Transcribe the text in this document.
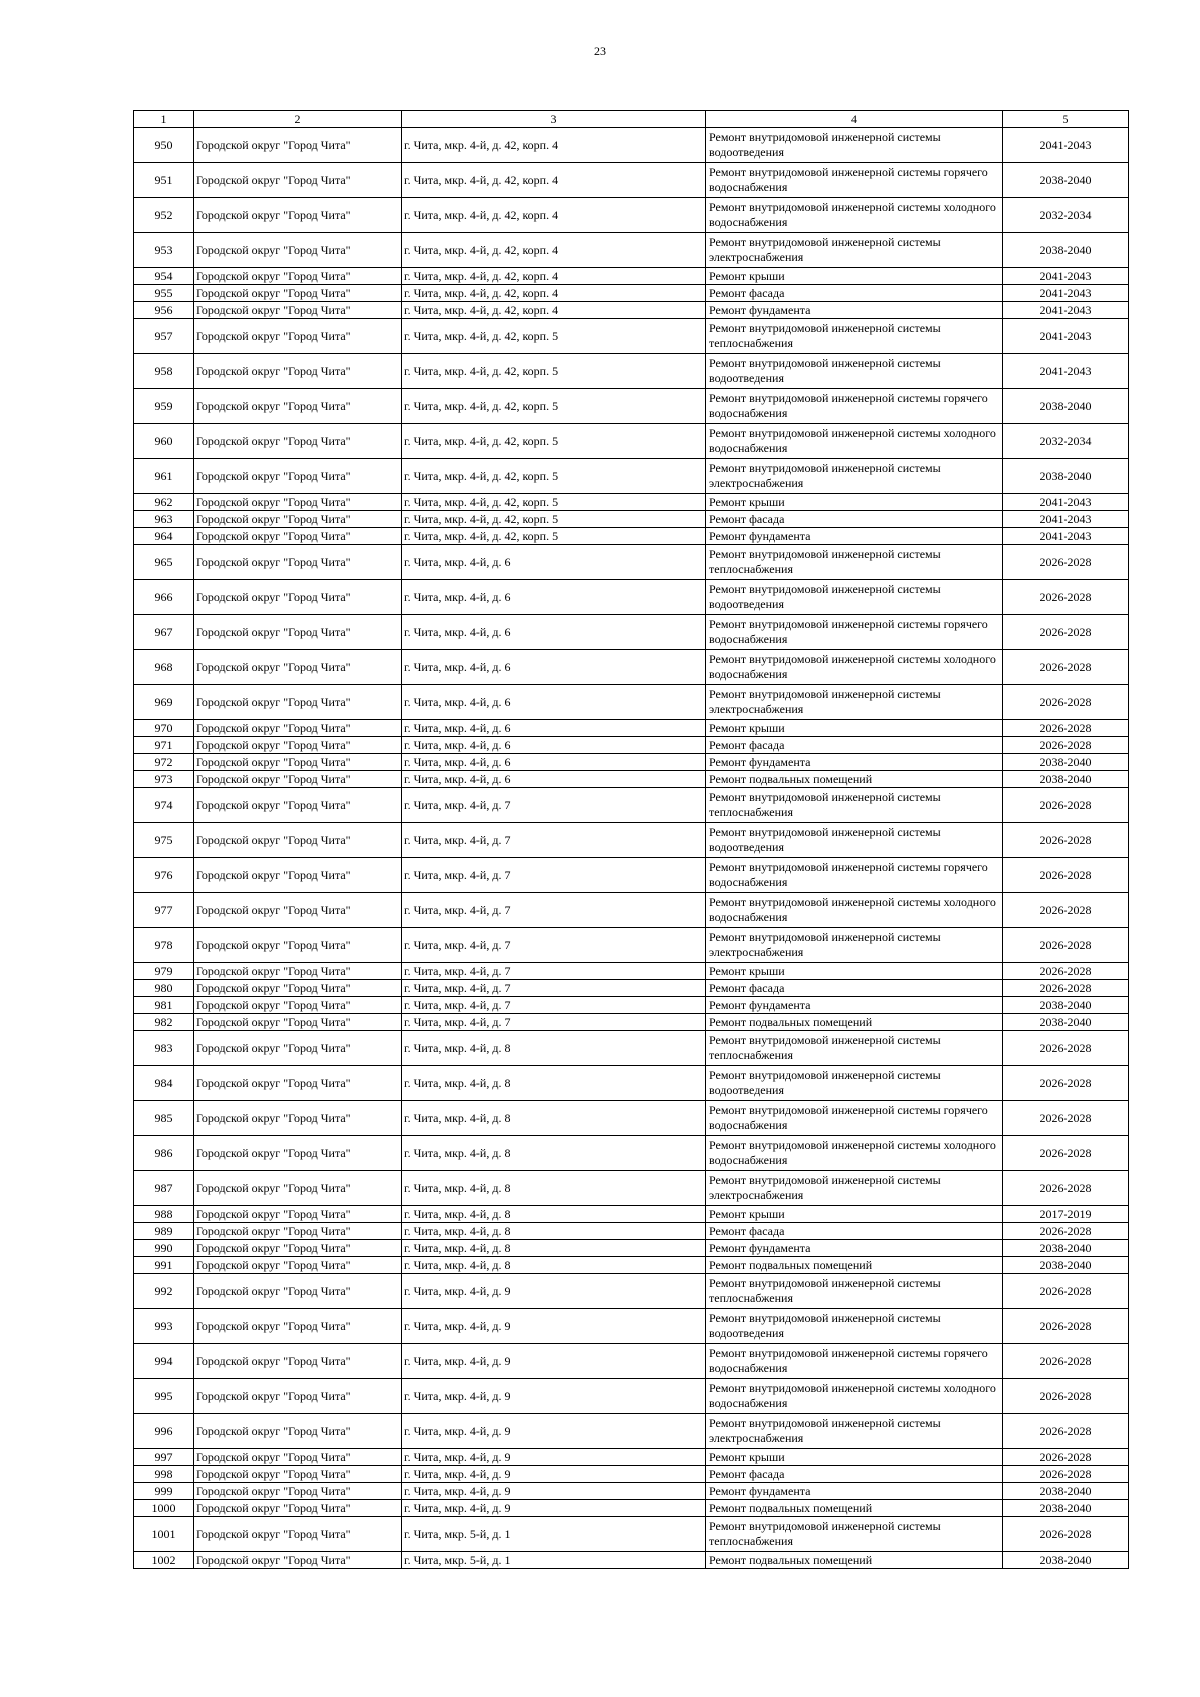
23
1	2	3	4	5
950	Городской округ "Город Чита"	г. Чита, мкр. 4-й, д. 42, корп. 4	Ремонт внутридомовой инженерной системы водоотведения	2041-2043
951	Городской округ "Город Чита"	г. Чита, мкр. 4-й, д. 42, корп. 4	Ремонт внутридомовой инженерной системы горячего водоснабжения	2038-2040
952	Городской округ "Город Чита"	г. Чита, мкр. 4-й, д. 42, корп. 4	Ремонт внутридомовой инженерной системы холодного водоснабжения	2032-2034
953	Городской округ "Город Чита"	г. Чита, мкр. 4-й, д. 42, корп. 4	Ремонт внутридомовой инженерной системы электроснабжения	2038-2040
954	Городской округ "Город Чита"	г. Чита, мкр. 4-й, д. 42, корп. 4	Ремонт крыши	2041-2043
955	Городской округ "Город Чита"	г. Чита, мкр. 4-й, д. 42, корп. 4	Ремонт фасада	2041-2043
956	Городской округ "Город Чита"	г. Чита, мкр. 4-й, д. 42, корп. 4	Ремонт фундамента	2041-2043
957	Городской округ "Город Чита"	г. Чита, мкр. 4-й, д. 42, корп. 5	Ремонт внутридомовой инженерной системы теплоснабжения	2041-2043
958	Городской округ "Город Чита"	г. Чита, мкр. 4-й, д. 42, корп. 5	Ремонт внутридомовой инженерной системы водоотведения	2041-2043
959	Городской округ "Город Чита"	г. Чита, мкр. 4-й, д. 42, корп. 5	Ремонт внутридомовой инженерной системы горячего водоснабжения	2038-2040
960	Городской округ "Город Чита"	г. Чита, мкр. 4-й, д. 42, корп. 5	Ремонт внутридомовой инженерной системы холодного водоснабжения	2032-2034
961	Городской округ "Город Чита"	г. Чита, мкр. 4-й, д. 42, корп. 5	Ремонт внутридомовой инженерной системы электроснабжения	2038-2040
962	Городской округ "Город Чита"	г. Чита, мкр. 4-й, д. 42, корп. 5	Ремонт крыши	2041-2043
963	Городской округ "Город Чита"	г. Чита, мкр. 4-й, д. 42, корп. 5	Ремонт фасада	2041-2043
964	Городской округ "Город Чита"	г. Чита, мкр. 4-й, д. 42, корп. 5	Ремонт фундамента	2041-2043
965	Городской округ "Город Чита"	г. Чита, мкр. 4-й, д. 6	Ремонт внутридомовой инженерной системы теплоснабжения	2026-2028
966	Городской округ "Город Чита"	г. Чита, мкр. 4-й, д. 6	Ремонт внутридомовой инженерной системы водоотведения	2026-2028
967	Городской округ "Город Чита"	г. Чита, мкр. 4-й, д. 6	Ремонт внутридомовой инженерной системы горячего водоснабжения	2026-2028
968	Городской округ "Город Чита"	г. Чита, мкр. 4-й, д. 6	Ремонт внутридомовой инженерной системы холодного водоснабжения	2026-2028
969	Городской округ "Город Чита"	г. Чита, мкр. 4-й, д. 6	Ремонт внутридомовой инженерной системы электроснабжения	2026-2028
970	Городской округ "Город Чита"	г. Чита, мкр. 4-й, д. 6	Ремонт крыши	2026-2028
971	Городской округ "Город Чита"	г. Чита, мкр. 4-й, д. 6	Ремонт фасада	2026-2028
972	Городской округ "Город Чита"	г. Чита, мкр. 4-й, д. 6	Ремонт фундамента	2038-2040
973	Городской округ "Город Чита"	г. Чита, мкр. 4-й, д. 6	Ремонт подвальных помещений	2038-2040
974	Городской округ "Город Чита"	г. Чита, мкр. 4-й, д. 7	Ремонт внутридомовой инженерной системы теплоснабжения	2026-2028
975	Городской округ "Город Чита"	г. Чита, мкр. 4-й, д. 7	Ремонт внутридомовой инженерной системы водоотведения	2026-2028
976	Городской округ "Город Чита"	г. Чита, мкр. 4-й, д. 7	Ремонт внутридомовой инженерной системы горячего водоснабжения	2026-2028
977	Городской округ "Город Чита"	г. Чита, мкр. 4-й, д. 7	Ремонт внутридомовой инженерной системы холодного водоснабжения	2026-2028
978	Городской округ "Город Чита"	г. Чита, мкр. 4-й, д. 7	Ремонт внутридомовой инженерной системы электроснабжения	2026-2028
979	Городской округ "Город Чита"	г. Чита, мкр. 4-й, д. 7	Ремонт крыши	2026-2028
980	Городской округ "Город Чита"	г. Чита, мкр. 4-й, д. 7	Ремонт фасада	2026-2028
981	Городской округ "Город Чита"	г. Чита, мкр. 4-й, д. 7	Ремонт фундамента	2038-2040
982	Городской округ "Город Чита"	г. Чита, мкр. 4-й, д. 7	Ремонт подвальных помещений	2038-2040
983	Городской округ "Город Чита"	г. Чита, мкр. 4-й, д. 8	Ремонт внутридомовой инженерной системы теплоснабжения	2026-2028
984	Городской округ "Город Чита"	г. Чита, мкр. 4-й, д. 8	Ремонт внутридомовой инженерной системы водоотведения	2026-2028
985	Городской округ "Город Чита"	г. Чита, мкр. 4-й, д. 8	Ремонт внутридомовой инженерной системы горячего водоснабжения	2026-2028
986	Городской округ "Город Чита"	г. Чита, мкр. 4-й, д. 8	Ремонт внутридомовой инженерной системы холодного водоснабжения	2026-2028
987	Городской округ "Город Чита"	г. Чита, мкр. 4-й, д. 8	Ремонт внутридомовой инженерной системы электроснабжения	2026-2028
988	Городской округ "Город Чита"	г. Чита, мкр. 4-й, д. 8	Ремонт крыши	2017-2019
989	Городской округ "Город Чита"	г. Чита, мкр. 4-й, д. 8	Ремонт фасада	2026-2028
990	Городской округ "Город Чита"	г. Чита, мкр. 4-й, д. 8	Ремонт фундамента	2038-2040
991	Городской округ "Город Чита"	г. Чита, мкр. 4-й, д. 8	Ремонт подвальных помещений	2038-2040
992	Городской округ "Город Чита"	г. Чита, мкр. 4-й, д. 9	Ремонт внутридомовой инженерной системы теплоснабжения	2026-2028
993	Городской округ "Город Чита"	г. Чита, мкр. 4-й, д. 9	Ремонт внутридомовой инженерной системы водоотведения	2026-2028
994	Городской округ "Город Чита"	г. Чита, мкр. 4-й, д. 9	Ремонт внутридомовой инженерной системы горячего водоснабжения	2026-2028
995	Городской округ "Город Чита"	г. Чита, мкр. 4-й, д. 9	Ремонт внутридомовой инженерной системы холодного водоснабжения	2026-2028
996	Городской округ "Город Чита"	г. Чита, мкр. 4-й, д. 9	Ремонт внутридомовой инженерной системы электроснабжения	2026-2028
997	Городской округ "Город Чита"	г. Чита, мкр. 4-й, д. 9	Ремонт крыши	2026-2028
998	Городской округ "Город Чита"	г. Чита, мкр. 4-й, д. 9	Ремонт фасада	2026-2028
999	Городской округ "Город Чита"	г. Чита, мкр. 4-й, д. 9	Ремонт фундамента	2038-2040
1000	Городской округ "Город Чита"	г. Чита, мкр. 4-й, д. 9	Ремонт подвальных помещений	2038-2040
1001	Городской округ "Город Чита"	г. Чита, мкр. 5-й, д. 1	Ремонт внутридомовой инженерной системы теплоснабжения	2026-2028
1002	Городской округ "Город Чита"	г. Чита, мкр. 5-й, д. 1	Ремонт подвальных помещений	2038-2040
